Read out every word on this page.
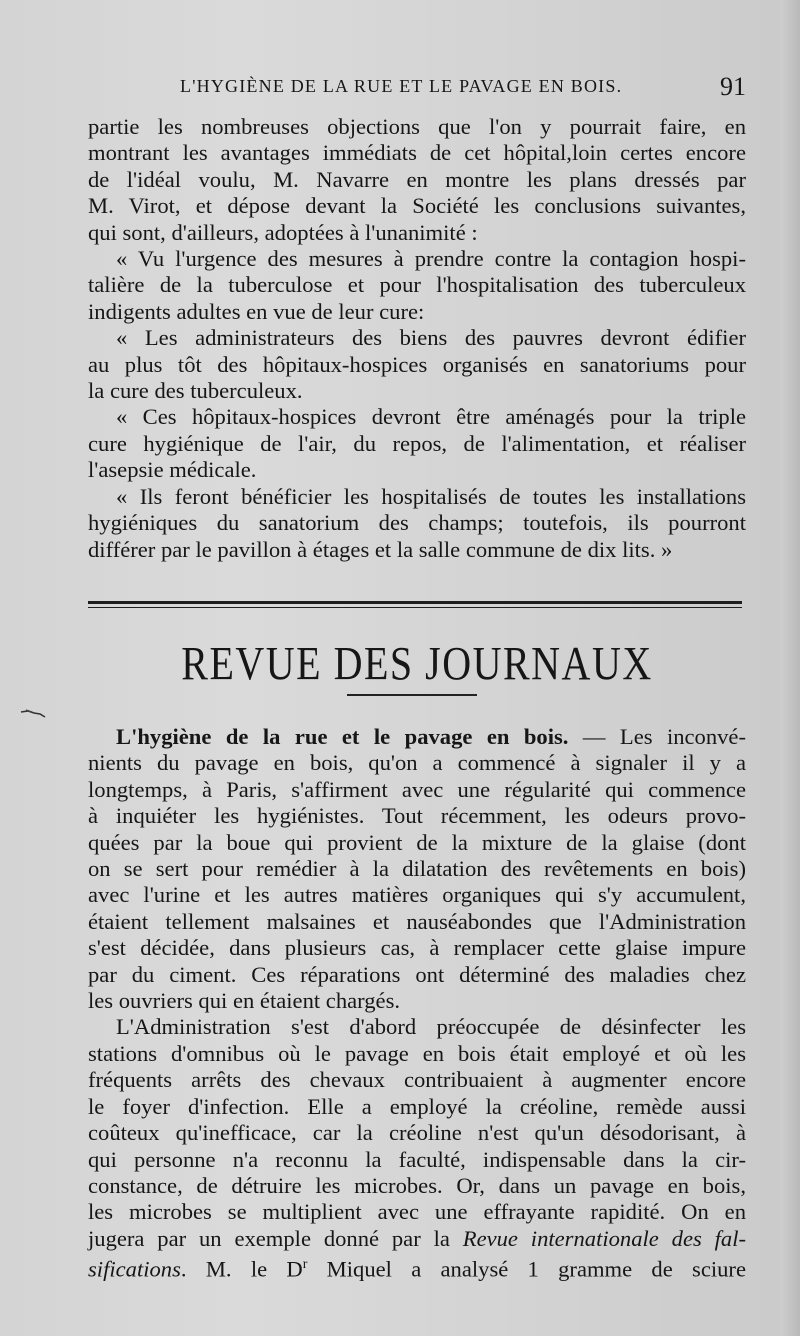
L'HYGIÈNE DE LA RUE ET LE PAVAGE EN BOIS.	91

partie les nombreuses objections que l'on y pourrait faire, en
montrant les avantages immédiats de cet hôpital,loin certes encore
de l'idéal voulu, M. Navarre en montre les plans dressés par
M. Virot, et dépose devant la Société les conclusions suivantes,
qui sont, d'ailleurs, adoptées à l'unanimité :

« Vu l'urgence des mesures à prendre contre la contagion hospi-
talière de la tuberculose et pour l'hospitalisation des tuberculeux
indigents adultes en vue de leur cure:

« Les administrateurs des biens des pauvres devront édifier
au plus tôt des hôpitaux-hospices organisés en sanatoriums pour
la cure des tuberculeux.

« Ces hôpitaux-hospices devront être aménagés pour la triple
cure hygiénique de l'air, du repos, de l'alimentation, et réaliser
l'asepsie médicale.

« Ils feront bénéficier les hospitalisés de toutes les installations
hygiéniques du sanatorium des champs; toutefois, ils pourront
différer par le pavillon à étages et la salle commune de dix lits. »

REVUE DES JOURNAUX

L'hygiène de la rue et le pavage en bois. — Les inconvé-
nients du pavage en bois, qu'on a commencé à signaler il y a
longtemps, à Paris, s'affirment avec une régularité qui commence
à inquiéter les hygiénistes. Tout récemment, les odeurs provo-
quées par la boue qui provient de la mixture de la glaise (dont
on se sert pour remédier à la dilatation des revêtements en bois)
avec l'urine et les autres matières organiques qui s'y accumulent,
étaient tellement malsaines et nauséabondes que l'Administration
s'est décidée, dans plusieurs cas, à remplacer cette glaise impure
par du ciment. Ces réparations ont déterminé des maladies chez
les ouvriers qui en étaient chargés.

L'Administration s'est d'abord préoccupée de désinfecter les
stations d'omnibus où le pavage en bois était employé et où les
fréquents arrêts des chevaux contribuaient à augmenter encore
le foyer d'infection. Elle a employé la créoline, remède aussi
coûteux qu'inefficace, car la créoline n'est qu'un désodorisant, à
qui personne n'a reconnu la faculté, indispensable dans la cir-
constance, de détruire les microbes. Or, dans un pavage en bois,
les microbes se multiplient avec une effrayante rapidité. On en
jugera par un exemple donné par la Revue internationale des fal-
sifications. M. le $D^r$ Miquel a analysé 1 gramme de sciure
